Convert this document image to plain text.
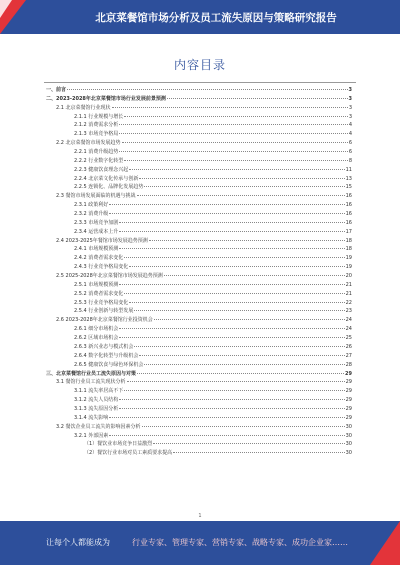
北京菜餐馆市场分析及员工流失原因与策略研究报告
内容目录
一、前言	3
二、2023-2028年北京菜餐馆市场行业发展前景预测	3
2.1 北京菜餐馆行业现状	3
2.1.1 行业规模与增长	3
2.1.2 消费需求分析	4
2.1.3 市场竞争格局	4
2.2 北京菜餐馆市场发展趋势	6
2.2.1 消费升级趋势	6
2.2.2 行业数字化转型	8
2.2.3 健康饮食理念兴起	11
2.2.4 北京菜文化传承与创新	13
2.2.5 连锁化、品牌化发展趋势	15
2.3 餐馆市场发展面临的机遇与挑战	16
2.3.1 政策利好	16
2.3.2 消费升级	16
2.3.3 市场竞争加剧	16
2.3.4 运营成本上升	17
2.4 2023-2025年餐馆市场发展趋势预测	18
2.4.1 市场规模预测	18
2.4.2 消费者需求变化	19
2.4.3 行业竞争格局变化	19
2.5 2025-2028年北京菜餐馆市场发展趋势预测	20
2.5.1 市场规模预测	21
2.5.2 消费者需求变化	21
2.5.3 行业竞争格局变化	22
2.5.4 行业创新与转型发展	23
2.6 2023-2028年北京菜餐馆行业投资机会	24
2.6.1 细分市场机会	24
2.6.2 区域市场机会	25
2.6.3 新兴业态与模式机会	26
2.6.4 数字化转型与升级机会	27
2.6.5 健康饮食与绿色环保机会	28
三、北京菜餐馆行业员工流失原因与对策	29
3.1 餐馆行业员工流失现状分析	29
3.1.1 流失率居高不下	29
3.1.2 流失人员结构	29
3.1.3 流失原因分析	29
3.1.4 流失影响	29
3.2 餐饮企业员工流失的影响因素分析	30
3.2.1 外部因素	30
（1）餐饮业市场竞争日益激烈	30
（2）餐饮行业市场对员工素质要求提高	30
1
让每个人都能成为	行业专家、管理专家、营销专家、战略专家、成功企业家……
